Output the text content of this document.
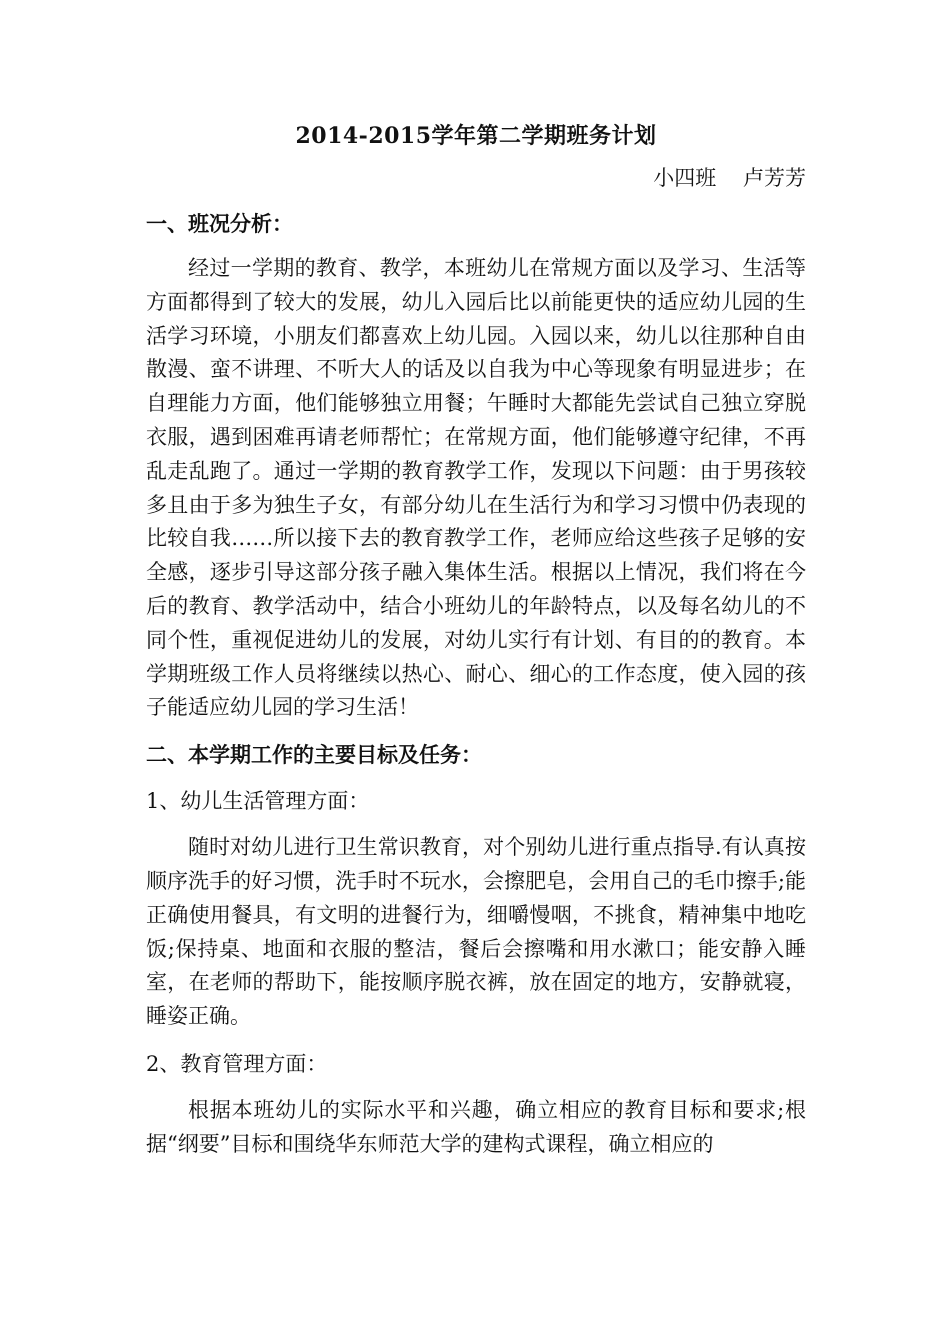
2014-2015学年第二学期班务计划
小四班    卢芳芳
一、班况分析：

经过一学期的教育、教学，本班幼儿在常规方面以及学习、生活等方面都得到了较大的发展，幼儿入园后比以前能更快的适应幼儿园的生活学习环境，小朋友们都喜欢上幼儿园。入园以来，幼儿以往那种自由散漫、蛮不讲理、不听大人的话及以自我为中心等现象有明显进步；在自理能力方面，他们能够独立用餐；午睡时大都能先尝试自己独立穿脱衣服，遇到困难再请老师帮忙；在常规方面，他们能够遵守纪律，不再乱走乱跑了。通过一学期的教育教学工作，发现以下问题：由于男孩较多且由于多为独生子女，有部分幼儿在生活行为和学习习惯中仍表现的比较自我……所以接下去的教育教学工作，老师应给这些孩子足够的安全感，逐步引导这部分孩子融入集体生活。根据以上情况，我们将在今后的教育、教学活动中，结合小班幼儿的年龄特点，以及每名幼儿的不同个性，重视促进幼儿的发展，对幼儿实行有计划、有目的的教育。本学期班级工作人员将继续以热心、耐心、细心的工作态度，使入园的孩子能适应幼儿园的学习生活！

二、本学期工作的主要目标及任务：
1、幼儿生活管理方面：

随时对幼儿进行卫生常识教育，对个别幼儿进行重点指导.有认真按顺序洗手的好习惯，洗手时不玩水，会擦肥皂，会用自己的毛巾擦手;能正确使用餐具，有文明的进餐行为，细嚼慢咽，不挑食，精神集中地吃饭;保持桌、地面和衣服的整洁，餐后会擦嘴和用水漱口；能安静入睡室，在老师的帮助下，能按顺序脱衣裤，放在固定的地方，安静就寝，睡姿正确。

2、教育管理方面：

根据本班幼儿的实际水平和兴趣，确立相应的教育目标和要求;根据“纲要”目标和围绕华东师范大学的建构式课程，确立相应的
